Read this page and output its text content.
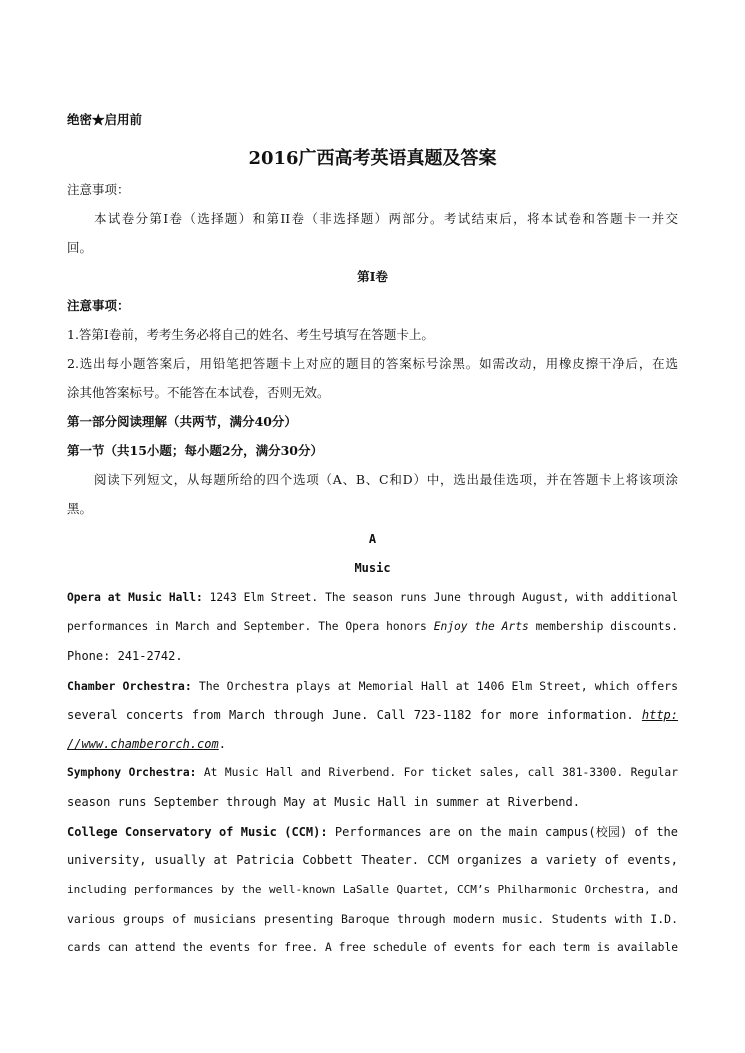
绝密★启用前
2016广西高考英语真题及答案
注意事项：
本试卷分第Ⅰ卷（选择题）和第II卷（非选择题）两部分。考试结束后，将本试卷和答题卡一并交
回。
第Ⅰ卷
注意事项：
1.答第Ⅰ卷前，考考生务必将自己的姓名、考生号填写在答题卡上。
2.选出每小题答案后，用铅笔把答题卡上对应的题目的答案标号涂黑。如需改动，用橡皮擦干净后，在选
涂其他答案标号。不能答在本试卷，否则无效。
第一部分阅读理解（共两节，满分40分）
第一节（共15小题；每小题2分，满分30分）
阅读下列短文，从每题所给的四个选项（A、B、C和D）中，选出最佳选项，并在答题卡上将该项涂
黑。
A
Music
Opera at Music Hall: 1243 Elm Street. The season runs June through August, with additional
performances in March and September. The Opera honors Enjoy the Arts membership discounts.
Phone: 241-2742.
Chamber Orchestra: The Orchestra plays at Memorial Hall at 1406 Elm Street, which offers
several concerts from March through June. Call 723-1182 for more information. http:
//www.chamberorch.com.
Symphony Orchestra: At Music Hall and Riverbend. For ticket sales, call 381-3300. Regular
season runs September through May at Music Hall in summer at Riverbend.
College Conservatory of Music (CCM): Performances are on the main campus(校园) of the
university, usually at Patricia Cobbett Theater. CCM organizes a variety of events,
including performances by the well-known LaSalle Quartet, CCM’s Philharmonic Orchestra, and
various groups of musicians presenting Baroque through modern music. Students with I.D.
cards can attend the events for free. A free schedule of events for each term is available
